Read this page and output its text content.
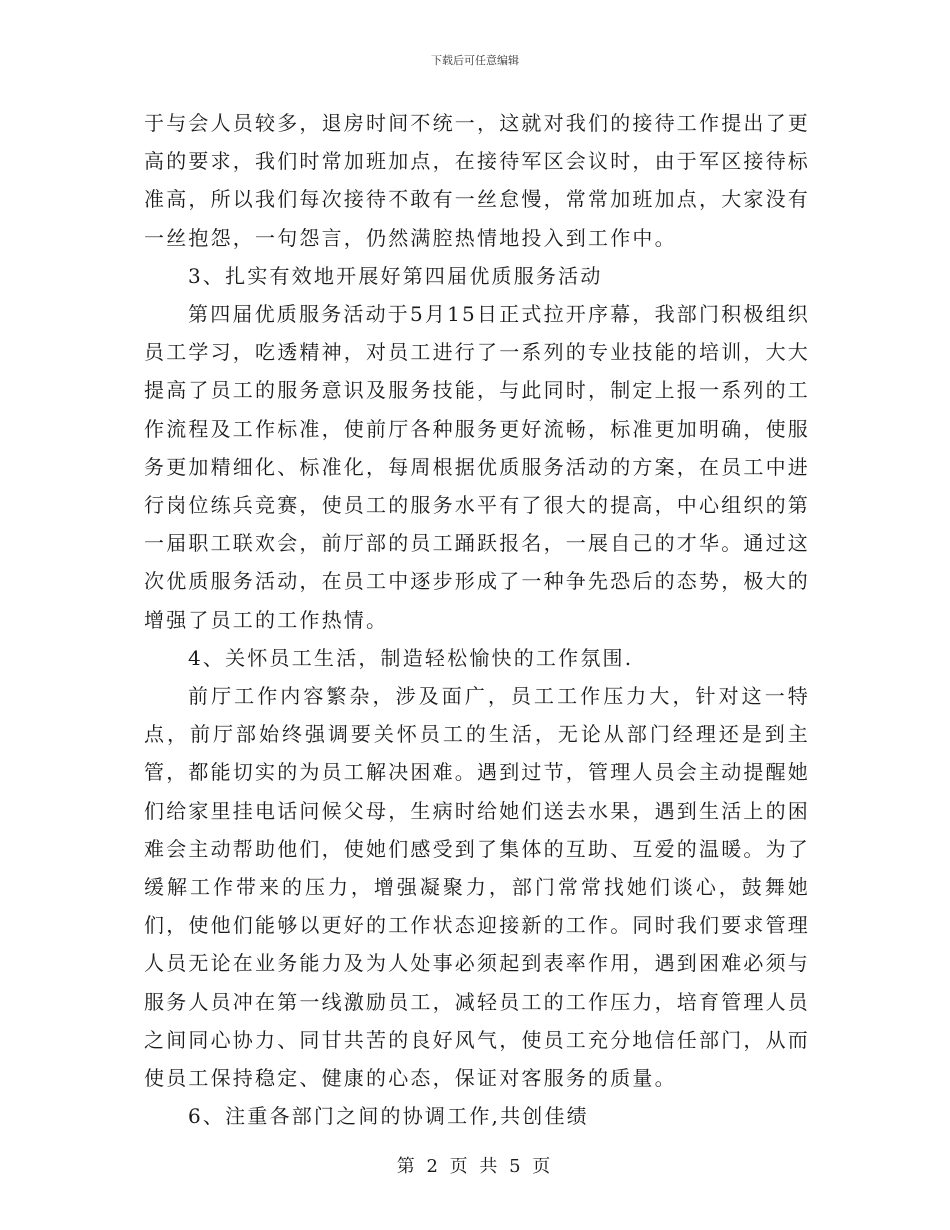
下载后可任意编辑

于与会人员较多，退房时间不统一，这就对我们的接待工作提出了更高的要求，我们时常加班加点，在接待军区会议时，由于军区接待标准高，所以我们每次接待不敢有一丝怠慢，常常加班加点，大家没有一丝抱怨，一句怨言，仍然满腔热情地投入到工作中。

3、扎实有效地开展好第四届优质服务活动

第四届优质服务活动于5月15日正式拉开序幕，我部门积极组织员工学习，吃透精神，对员工进行了一系列的专业技能的培训，大大提高了员工的服务意识及服务技能，与此同时，制定上报一系列的工作流程及工作标准，使前厅各种服务更好流畅，标准更加明确，使服务更加精细化、标准化，每周根据优质服务活动的方案，在员工中进行岗位练兵竞赛，使员工的服务水平有了很大的提高，中心组织的第一届职工联欢会，前厅部的员工踊跃报名，一展自己的才华。通过这次优质服务活动，在员工中逐步形成了一种争先恐后的态势，极大的增强了员工的工作热情。

4、关怀员工生活，制造轻松愉快的工作氛围.

前厅工作内容繁杂，涉及面广，员工工作压力大，针对这一特点，前厅部始终强调要关怀员工的生活，无论从部门经理还是到主管，都能切实的为员工解决困难。遇到过节，管理人员会主动提醒她们给家里挂电话问候父母，生病时给她们送去水果，遇到生活上的困难会主动帮助他们，使她们感受到了集体的互助、互爱的温暖。为了缓解工作带来的压力，增强凝聚力，部门常常找她们谈心，鼓舞她们，使他们能够以更好的工作状态迎接新的工作。同时我们要求管理人员无论在业务能力及为人处事必须起到表率作用，遇到困难必须与服务人员冲在第一线激励员工，减轻员工的工作压力，培育管理人员之间同心协力、同甘共苦的良好风气，使员工充分地信任部门，从而使员工保持稳定、健康的心态，保证对客服务的质量。

6、注重各部门之间的协调工作,共创佳绩

第 2 页 共 5 页
